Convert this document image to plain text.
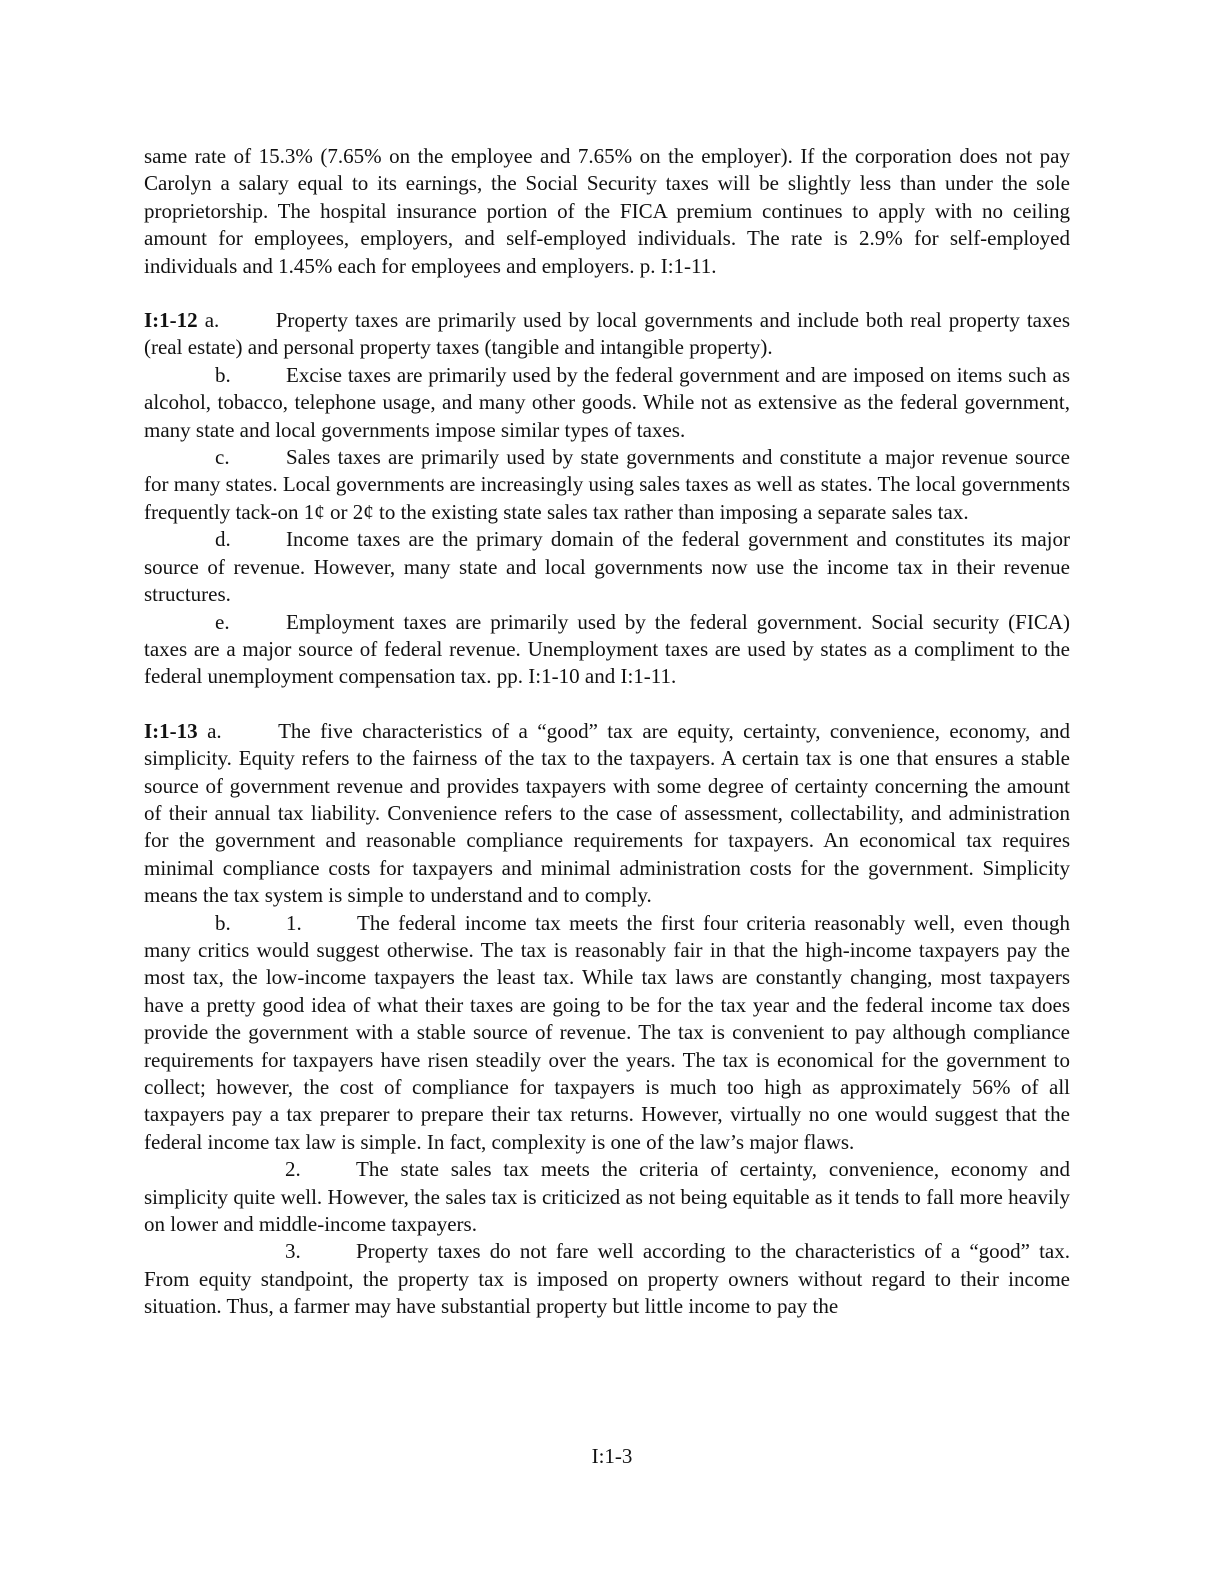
same rate of 15.3% (7.65% on the employee and 7.65% on the employer). If the corporation does not pay Carolyn a salary equal to its earnings, the Social Security taxes will be slightly less than under the sole proprietorship. The hospital insurance portion of the FICA premium continues to apply with no ceiling amount for employees, employers, and self-employed individuals. The rate is 2.9% for self-employed individuals and 1.45% each for employees and employers. p. I:1-11.

I:1-12 a.	Property taxes are primarily used by local governments and include both real property taxes (real estate) and personal property taxes (tangible and intangible property).

b.	Excise taxes are primarily used by the federal government and are imposed on items such as alcohol, tobacco, telephone usage, and many other goods. While not as extensive as the federal government, many state and local governments impose similar types of taxes.

c.	Sales taxes are primarily used by state governments and constitute a major revenue source for many states. Local governments are increasingly using sales taxes as well as states. The local governments frequently tack-on 1¢ or 2¢ to the existing state sales tax rather than imposing a separate sales tax.

d.	Income taxes are the primary domain of the federal government and constitutes its major source of revenue. However, many state and local governments now use the income tax in their revenue structures.

e.	Employment taxes are primarily used by the federal government. Social security (FICA) taxes are a major source of federal revenue. Unemployment taxes are used by states as a compliment to the federal unemployment compensation tax. pp. I:1-10 and I:1-11.

I:1-13 a.	The five characteristics of a “good” tax are equity, certainty, convenience, economy, and simplicity. Equity refers to the fairness of the tax to the taxpayers. A certain tax is one that ensures a stable source of government revenue and provides taxpayers with some degree of certainty concerning the amount of their annual tax liability. Convenience refers to the case of assessment, collectability, and administration for the government and reasonable compliance requirements for taxpayers. An economical tax requires minimal compliance costs for taxpayers and minimal administration costs for the government. Simplicity means the tax system is simple to understand and to comply.

b.	1.	The federal income tax meets the first four criteria reasonably well, even though many critics would suggest otherwise. The tax is reasonably fair in that the high-income taxpayers pay the most tax, the low-income taxpayers the least tax. While tax laws are constantly changing, most taxpayers have a pretty good idea of what their taxes are going to be for the tax year and the federal income tax does provide the government with a stable source of revenue. The tax is convenient to pay although compliance requirements for taxpayers have risen steadily over the years. The tax is economical for the government to collect; however, the cost of compliance for taxpayers is much too high as approximately 56% of all taxpayers pay a tax preparer to prepare their tax returns. However, virtually no one would suggest that the federal income tax law is simple. In fact, complexity is one of the law’s major flaws.

2.	The state sales tax meets the criteria of certainty, convenience, economy and simplicity quite well. However, the sales tax is criticized as not being equitable as it tends to fall more heavily on lower and middle-income taxpayers.

3.	Property taxes do not fare well according to the characteristics of a “good” tax. From equity standpoint, the property tax is imposed on property owners without regard to their income situation. Thus, a farmer may have substantial property but little income to pay the

I:1-3
